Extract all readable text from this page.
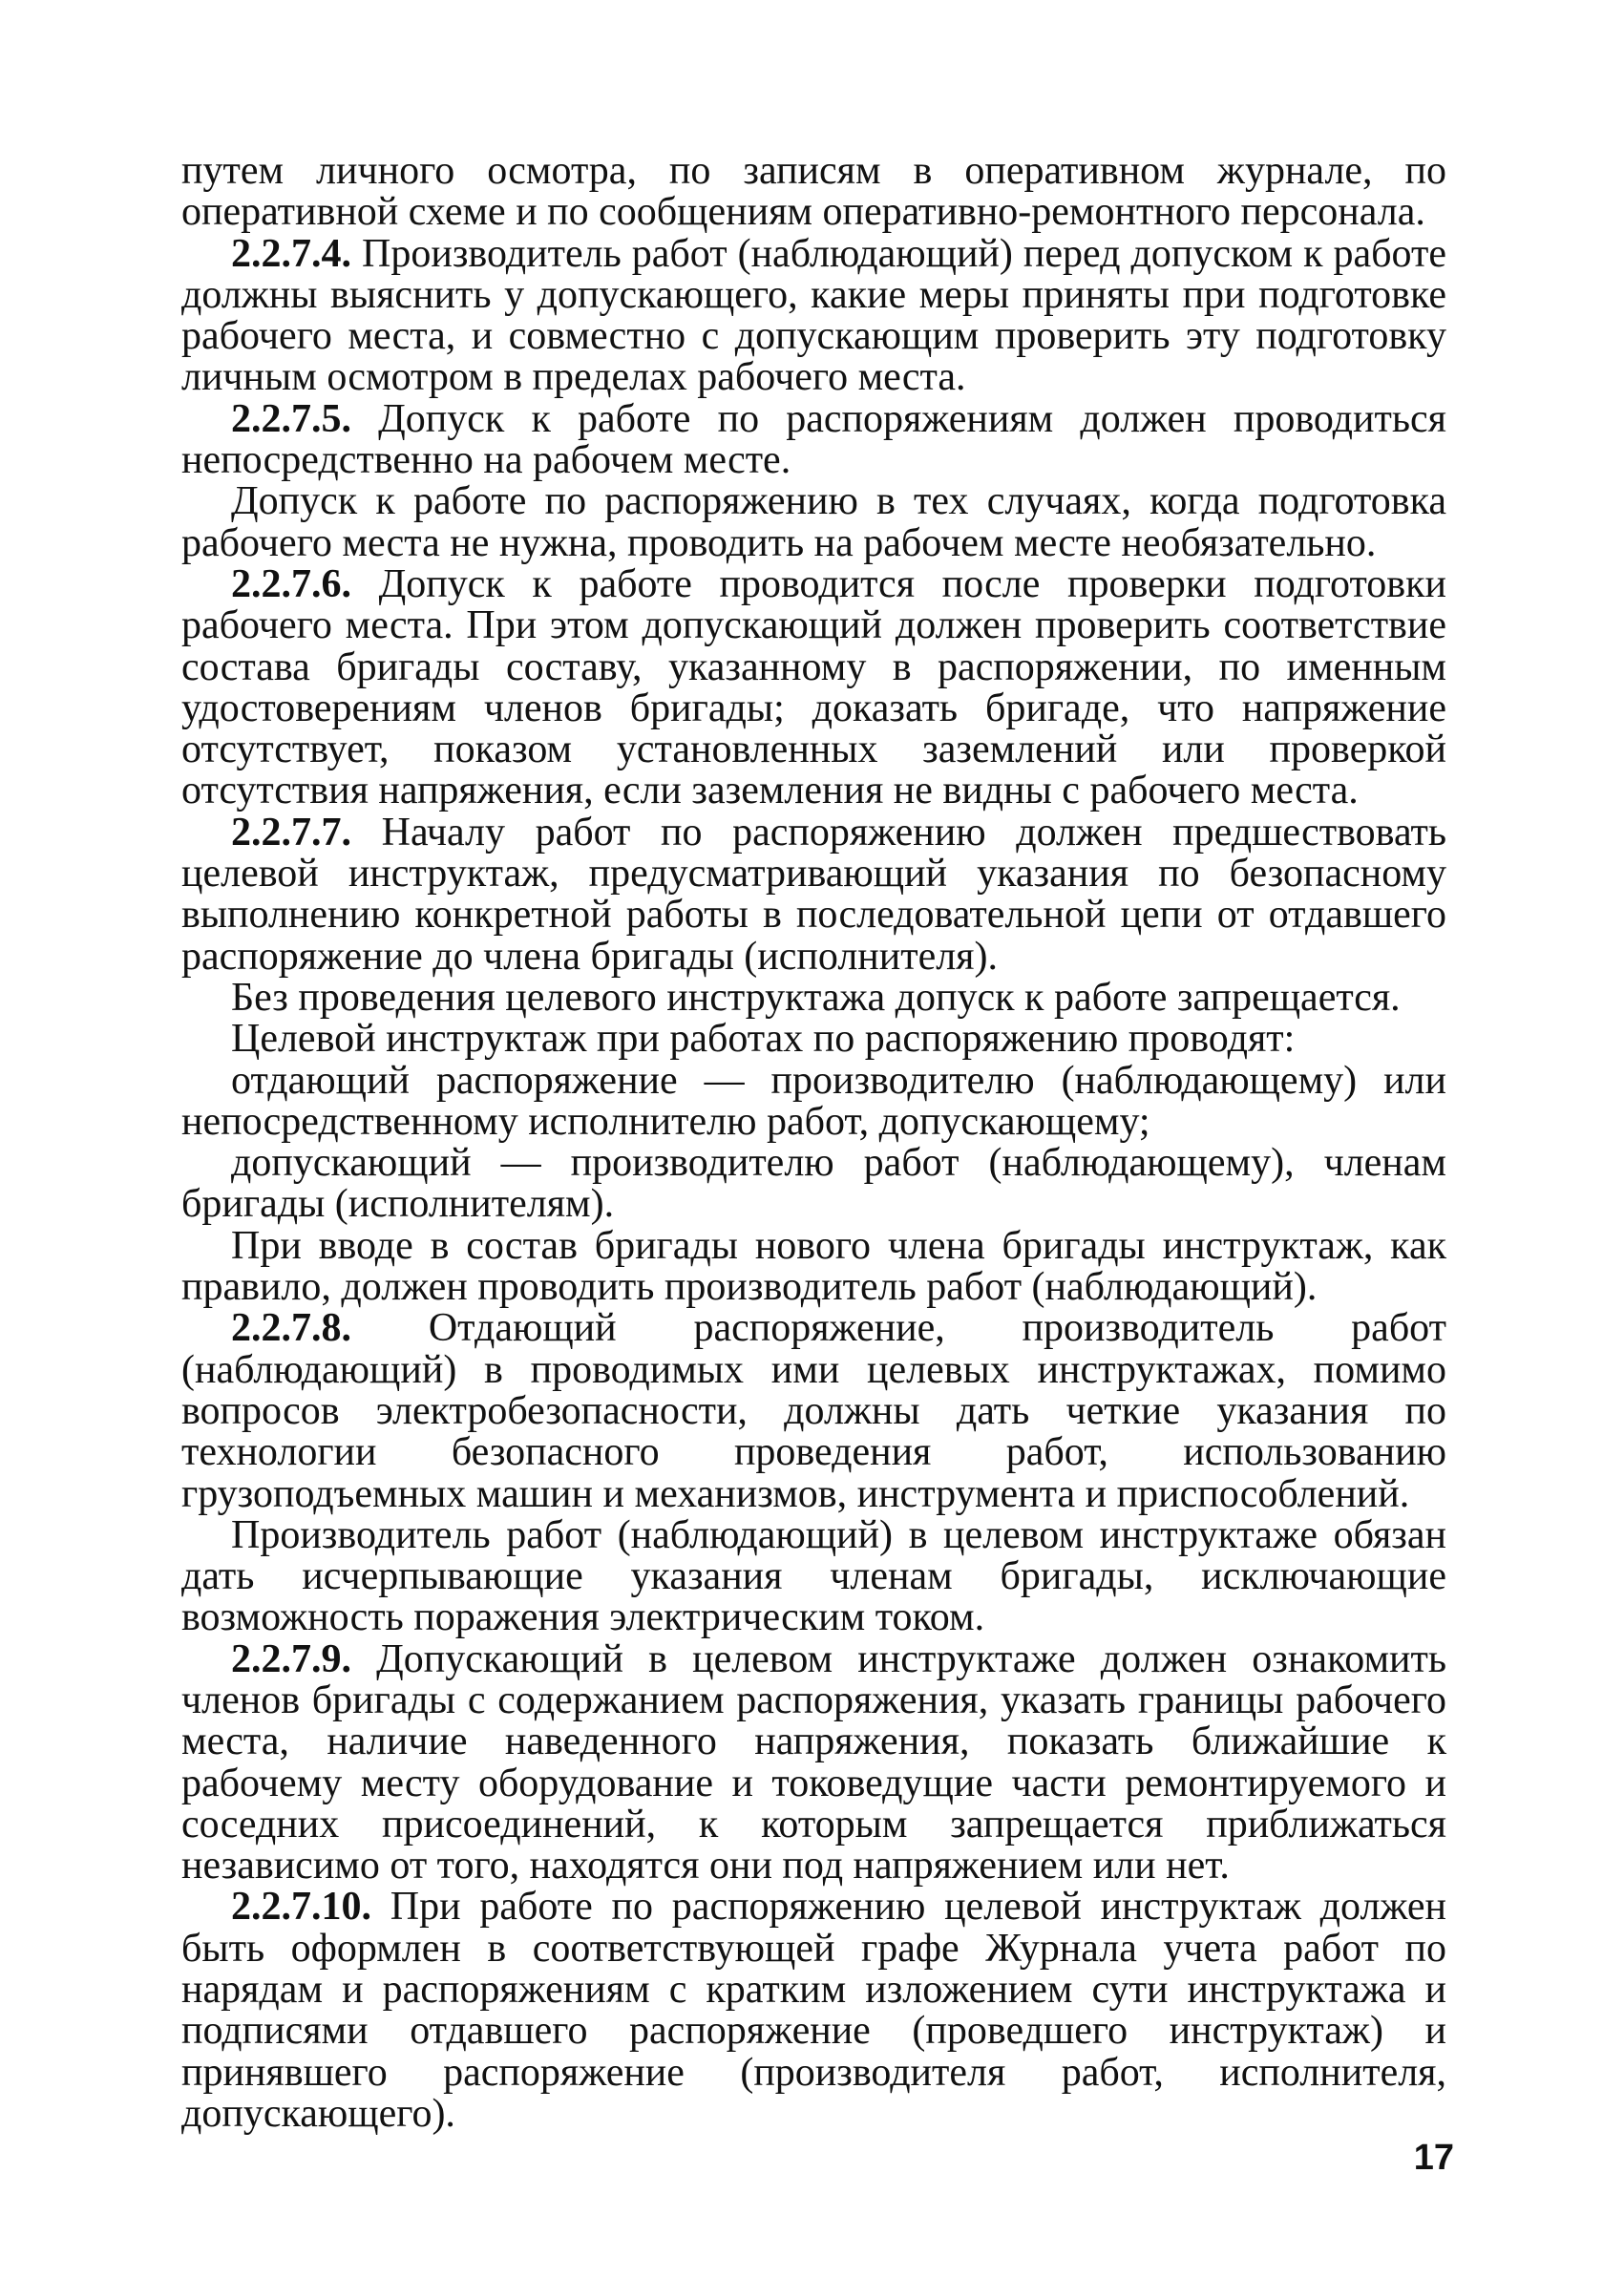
путем личного осмотра, по записям в оперативном журнале, по оперативной схеме и по сообщениям оперативно-ремонтного персонала.

2.2.7.4. Производитель работ (наблюдающий) перед допуском к работе должны выяснить у допускающего, какие меры приняты при подготовке рабочего места, и совместно с допускающим проверить эту подготовку личным осмотром в пределах рабочего места.

2.2.7.5. Допуск к работе по распоряжениям должен проводиться непосредственно на рабочем месте.

Допуск к работе по распоряжению в тех случаях, когда подготовка рабочего места не нужна, проводить на рабочем месте необязательно.

2.2.7.6. Допуск к работе проводится после проверки подготовки рабочего места. При этом допускающий должен проверить соответствие состава бригады составу, указанному в распоряжении, по именным удостоверениям членов бригады; доказать бригаде, что напряжение отсутствует, показом установленных заземлений или проверкой отсутствия напряжения, если заземления не видны с рабочего места.

2.2.7.7. Началу работ по распоряжению должен предшествовать целевой инструктаж, предусматривающий указания по безопасному выполнению конкретной работы в последовательной цепи от отдавшего распоряжение до члена бригады (исполнителя).

Без проведения целевого инструктажа допуск к работе запрещается.

Целевой инструктаж при работах по распоряжению проводят:

отдающий распоряжение — производителю (наблюдающему) или непосредственному исполнителю работ, допускающему;

допускающий — производителю работ (наблюдающему), членам бригады (исполнителям).

При вводе в состав бригады нового члена бригады инструктаж, как правило, должен проводить производитель работ (наблюдающий).

2.2.7.8. Отдающий распоряжение, производитель работ (наблюдающий) в проводимых ими целевых инструктажах, помимо вопросов электробезопасности, должны дать четкие указания по технологии безопасного проведения работ, использованию грузоподъемных машин и механизмов, инструмента и приспособлений.

Производитель работ (наблюдающий) в целевом инструктаже обязан дать исчерпывающие указания членам бригады, исключающие возможность поражения электрическим током.

2.2.7.9. Допускающий в целевом инструктаже должен ознакомить членов бригады с содержанием распоряжения, указать границы рабочего места, наличие наведенного напряжения, показать ближайшие к рабочему месту оборудование и токоведущие части ремонтируемого и соседних присоединений, к которым запрещается приближаться независимо от того, находятся они под напряжением или нет.

2.2.7.10. При работе по распоряжению целевой инструктаж должен быть оформлен в соответствующей графе Журнала учета работ по нарядам и распоряжениям с кратким изложением сути инструктажа и подписями отдавшего распоряжение (проведшего инструктаж) и принявшего распоряжение (производителя работ, исполнителя, допускающего).

17
